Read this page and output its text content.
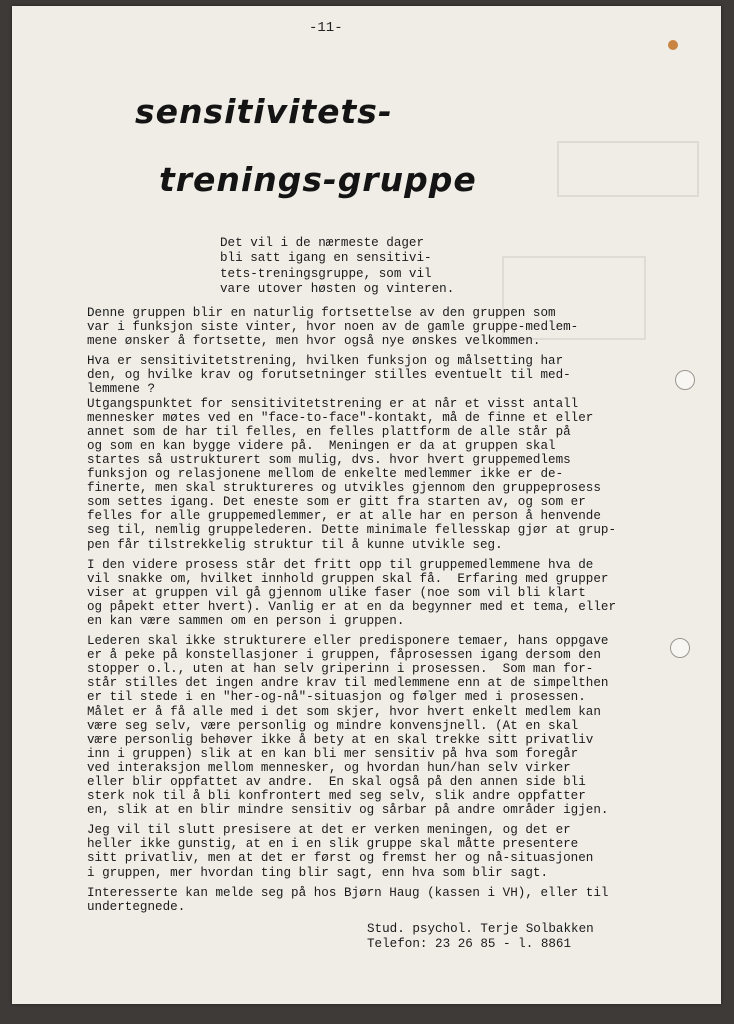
-11-
sensitivitets-
trenings-gruppe
Det vil i de nærmeste dager
bli satt igang en sensitivi-
tets-treningsgruppe, som vil
vare utover høsten og vinteren.

Denne gruppen blir en naturlig fortsettelse av den gruppen som
var i funksjon siste vinter, hvor noen av de gamle gruppe-medlem-
mene ønsker å fortsette, men hvor også nye ønskes velkommen.

Hva er sensitivitetstrening, hvilken funksjon og målsetting har
den, og hvilke krav og forutsetninger stilles eventuelt til med-
lemmene ?
Utgangspunktet for sensitivitetstrening er at når et visst antall
mennesker møtes ved en "face-to-face"-kontakt, må de finne et eller
annet som de har til felles, en felles plattform de alle står på
og som en kan bygge videre på.  Meningen er da at gruppen skal
startes så ustrukturert som mulig, dvs. hvor hvert gruppemedlems
funksjon og relasjonene mellom de enkelte medlemmer ikke er de-
finerte, men skal struktureres og utvikles gjennom den gruppeprosess
som settes igang. Det eneste som er gitt fra starten av, og som er
felles for alle gruppemedlemmer, er at alle har en person å henvende
seg til, nemlig gruppelederen. Dette minimale fellesskap gjør at grup-
pen får tilstrekkelig struktur til å kunne utvikle seg.

I den videre prosess står det fritt opp til gruppemedlemmene hva de
vil snakke om, hvilket innhold gruppen skal få.  Erfaring med grupper
viser at gruppen vil gå gjennom ulike faser (noe som vil bli klart
og påpekt etter hvert). Vanlig er at en da begynner med et tema, eller
en kan være sammen om en person i gruppen.

Lederen skal ikke strukturere eller predisponere temaer, hans oppgave
er å peke på konstellasjoner i gruppen, fåprosessen igang dersom den
stopper o.l., uten at han selv griperinn i prosessen.  Som man for-
står stilles det ingen andre krav til medlemmene enn at de simpelthen
er til stede i en "her-og-nå"-situasjon og følger med i prosessen.
Målet er å få alle med i det som skjer, hvor hvert enkelt medlem kan
være seg selv, være personlig og mindre konvensjnell. (At en skal
være personlig behøver ikke å bety at en skal trekke sitt privatliv
inn i gruppen) slik at en kan bli mer sensitiv på hva som foregår
ved interaksjon mellom mennesker, og hvordan hun/han selv virker
eller blir oppfattet av andre.  En skal også på den annen side bli
sterk nok til å bli konfrontert med seg selv, slik andre oppfatter
en, slik at en blir mindre sensitiv og sårbar på andre områder igjen.

Jeg vil til slutt presisere at det er verken meningen, og det er
heller ikke gunstig, at en i en slik gruppe skal måtte presentere
sitt privatliv, men at det er først og fremst her og nå-situasjonen
i gruppen, mer hvordan ting blir sagt, enn hva som blir sagt.

Interesserte kan melde seg på hos Bjørn Haug (kassen i VH), eller til
undertegnede.

Stud. psychol. Terje Solbakken
Telefon: 23 26 85 - l. 8861
